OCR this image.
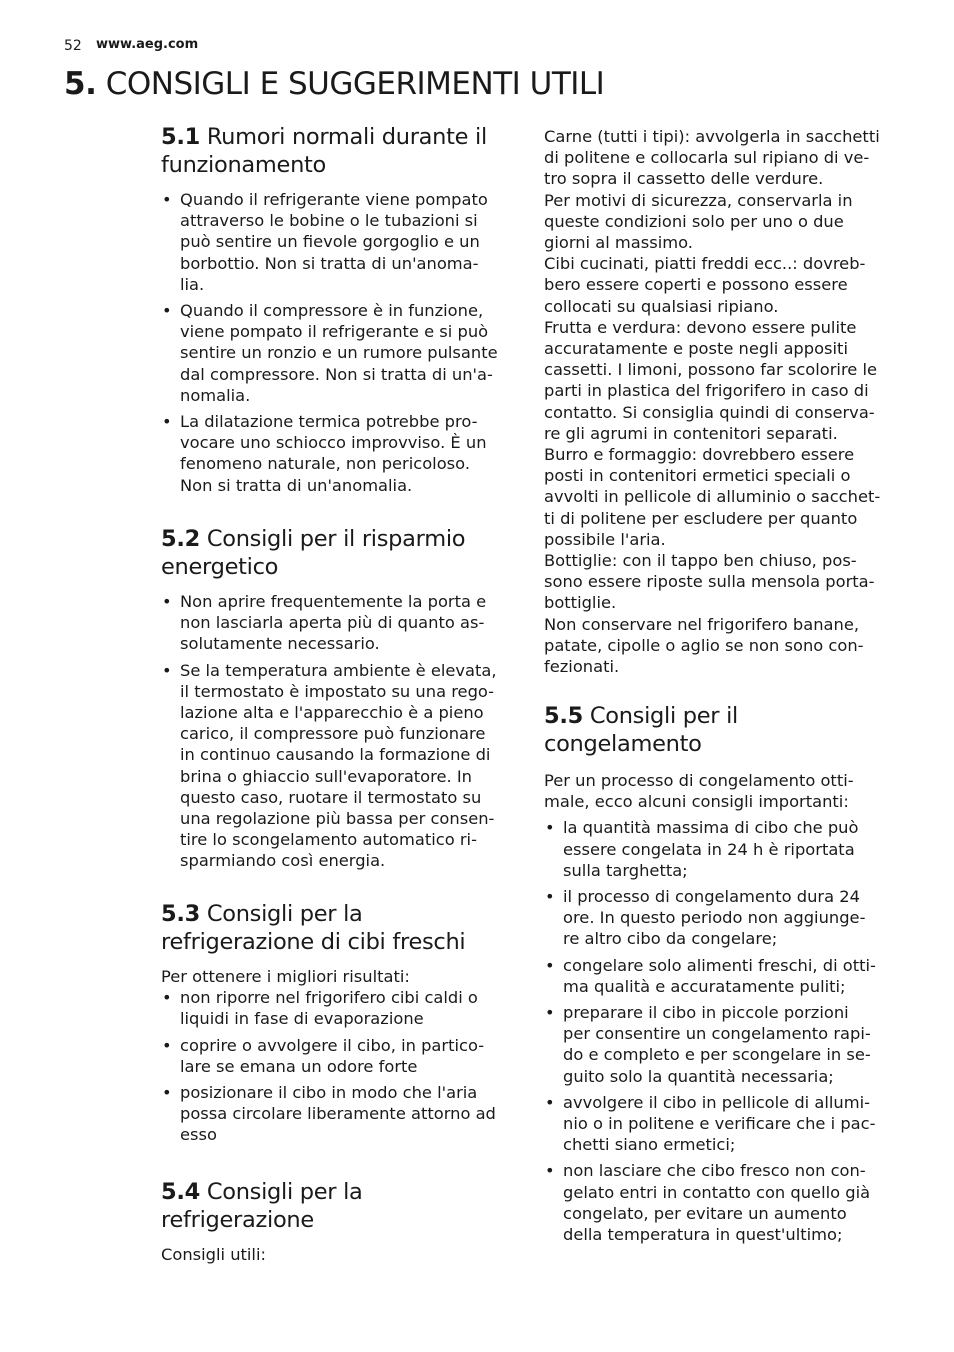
52 www.aeg.com
5. CONSIGLI E SUGGERIMENTI UTILI
5.1 Rumori normali durante il
funzionamento
• Quando il refrigerante viene pompato
attraverso le bobine o le tubazioni si
può sentire un fievole gorgoglio e un
borbottio. Non si tratta di un'anoma-
lia.
• Quando il compressore è in funzione,
viene pompato il refrigerante e si può
sentire un ronzio e un rumore pulsante
dal compressore. Non si tratta di un'a-
nomalia.
• La dilatazione termica potrebbe pro-
vocare uno schiocco improvviso. È un
fenomeno naturale, non pericoloso.
Non si tratta di un'anomalia.
5.2 Consigli per il risparmio
energetico
• Non aprire frequentemente la porta e
non lasciarla aperta più di quanto as-
solutamente necessario.
• Se la temperatura ambiente è elevata,
il termostato è impostato su una rego-
lazione alta e l'apparecchio è a pieno
carico, il compressore può funzionare
in continuo causando la formazione di
brina o ghiaccio sull'evaporatore. In
questo caso, ruotare il termostato su
una regolazione più bassa per consen-
tire lo scongelamento automatico ri-
sparmiando così energia.
5.3 Consigli per la
refrigerazione di cibi freschi

Per ottenere i migliori risultati:

• non riporre nel frigorifero cibi caldi o
liquidi in fase di evaporazione
• coprire o avvolgere il cibo, in partico-
lare se emana un odore forte
• posizionare il cibo in modo che l'aria
possa circolare liberamente attorno ad
esso
5.4 Consigli per la
refrigerazione

Consigli utili:

Carne (tutti i tipi): avvolgerla in sacchetti
di politene e collocarla sul ripiano di ve-
tro sopra il cassetto delle verdure.
Per motivi di sicurezza, conservarla in
queste condizioni solo per uno o due
giorni al massimo.
Cibi cucinati, piatti freddi ecc..: dovreb-
bero essere coperti e possono essere
collocati su qualsiasi ripiano.
Frutta e verdura: devono essere pulite
accuratamente e poste negli appositi
cassetti. I limoni, possono far scolorire le
parti in plastica del frigorifero in caso di
contatto. Si consiglia quindi di conserva-
re gli agrumi in contenitori separati.
Burro e formaggio: dovrebbero essere
posti in contenitori ermetici speciali o
avvolti in pellicole di alluminio o sacchet-
ti di politene per escludere per quanto
possibile l'aria.
Bottiglie: con il tappo ben chiuso, pos-
sono essere riposte sulla mensola porta-
bottiglie.
Non conservare nel frigorifero banane,
patate, cipolle o aglio se non sono con-
fezionati.

5.5 Consigli per il
congelamento

Per un processo di congelamento otti-
male, ecco alcuni consigli importanti:

• la quantità massima di cibo che può
essere congelata in 24 h è riportata
sulla targhetta;
• il processo di congelamento dura 24
ore. In questo periodo non aggiunge-
re altro cibo da congelare;
• congelare solo alimenti freschi, di otti-
ma qualità e accuratamente puliti;
• preparare il cibo in piccole porzioni
per consentire un congelamento rapi-
do e completo e per scongelare in se-
guito solo la quantità necessaria;
• avvolgere il cibo in pellicole di allumi-
nio o in politene e verificare che i pac-
chetti siano ermetici;
• non lasciare che cibo fresco non con-
gelato entri in contatto con quello già
congelato, per evitare un aumento
della temperatura in quest'ultimo;
